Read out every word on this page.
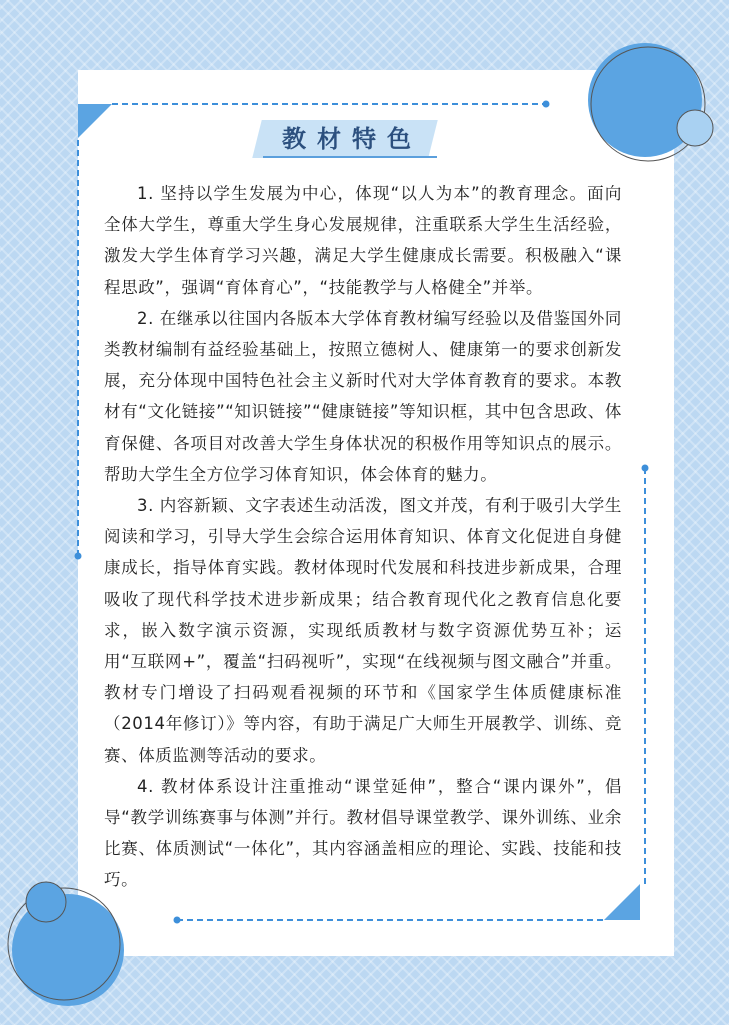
教材特色

1. 坚持以学生发展为中心，体现“以人为本”的教育理念。面向全体大学生，尊重大学生身心发展规律，注重联系大学生生活经验，激发大学生体育学习兴趣，满足大学生健康成长需要。积极融入“课程思政”，强调“育体育心”，“技能教学与人格健全”并举。

2. 在继承以往国内各版本大学体育教材编写经验以及借鉴国外同类教材编制有益经验基础上，按照立德树人、健康第一的要求创新发展，充分体现中国特色社会主义新时代对大学体育教育的要求。本教材有“文化链接”“知识链接”“健康链接”等知识框，其中包含思政、体育保健、各项目对改善大学生身体状况的积极作用等知识点的展示。帮助大学生全方位学习体育知识，体会体育的魅力。

3. 内容新颖、文字表述生动活泼，图文并茂，有利于吸引大学生阅读和学习，引导大学生会综合运用体育知识、体育文化促进自身健康成长，指导体育实践。教材体现时代发展和科技进步新成果，合理吸收了现代科学技术进步新成果；结合教育现代化之教育信息化要求，嵌入数字演示资源，实现纸质教材与数字资源优势互补；运用“互联网+”，覆盖“扫码视听”，实现“在线视频与图文融合”并重。教材专门增设了扫码观看视频的环节和《国家学生体质健康标准（2014年修订）》等内容，有助于满足广大师生开展教学、训练、竞赛、体质监测等活动的要求。

4. 教材体系设计注重推动“课堂延伸”，整合“课内课外”，倡导“教学训练赛事与体测”并行。教材倡导课堂教学、课外训练、业余比赛、体质测试“一体化”，其内容涵盖相应的理论、实践、技能和技巧。
